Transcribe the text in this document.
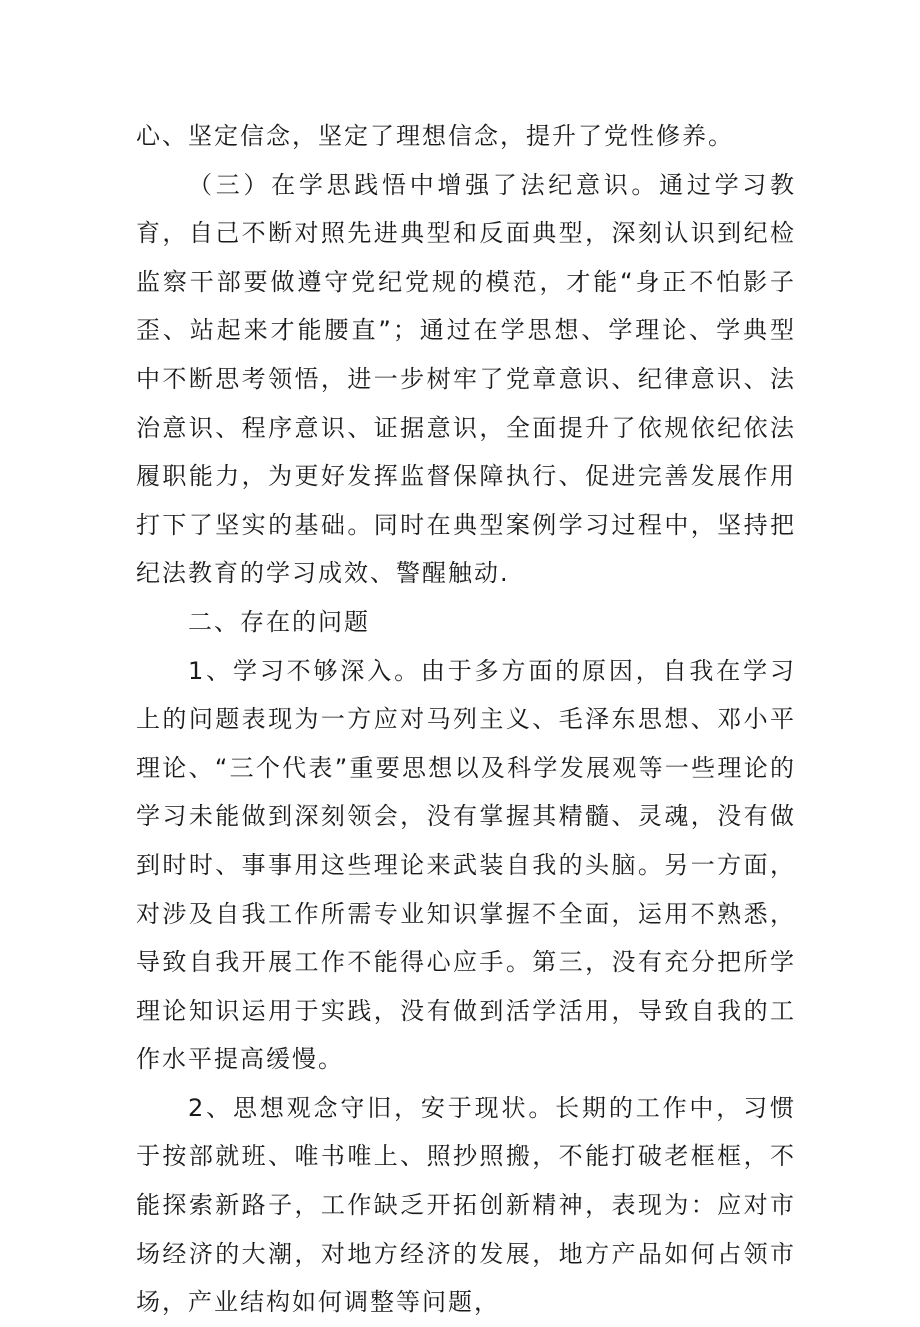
心、坚定信念，坚定了理想信念，提升了党性修养。

（三）在学思践悟中增强了法纪意识。通过学习教育，自己不断对照先进典型和反面典型，深刻认识到纪检监察干部要做遵守党纪党规的模范，才能“身正不怕影子歪、站起来才能腰直”；通过在学思想、学理论、学典型中不断思考领悟，进一步树牢了党章意识、纪律意识、法治意识、程序意识、证据意识，全面提升了依规依纪依法履职能力，为更好发挥监督保障执行、促进完善发展作用打下了坚实的基础。同时在典型案例学习过程中，坚持把纪法教育的学习成效、警醒触动.

二、存在的问题

1、学习不够深入。由于多方面的原因，自我在学习上的问题表现为一方应对马列主义、毛泽东思想、邓小平理论、“三个代表”重要思想以及科学发展观等一些理论的学习未能做到深刻领会，没有掌握其精髓、灵魂，没有做到时时、事事用这些理论来武装自我的头脑。另一方面，对涉及自我工作所需专业知识掌握不全面，运用不熟悉，导致自我开展工作不能得心应手。第三，没有充分把所学理论知识运用于实践，没有做到活学活用，导致自我的工作水平提高缓慢。

2、思想观念守旧，安于现状。长期的工作中，习惯于按部就班、唯书唯上、照抄照搬，不能打破老框框，不能探索新路子，工作缺乏开拓创新精神，表现为：应对市场经济的大潮，对地方经济的发展，地方产品如何占领市场，产业结构如何调整等问题，
